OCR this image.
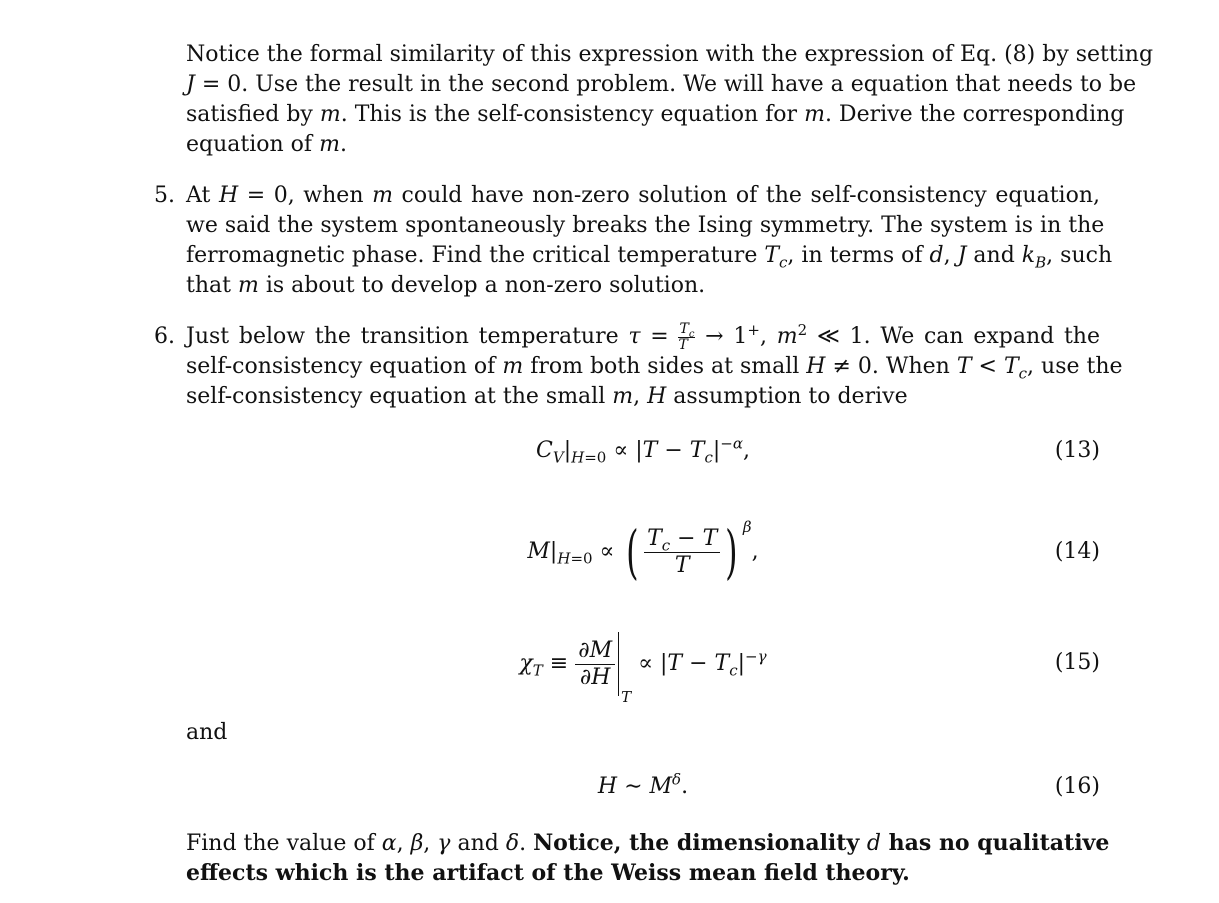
Notice the formal similarity of this expression with the expression of Eq. (8) by setting
J = 0. Use the result in the second problem. We will have a equation that needs to be
satisfied by m. This is the self-consistency equation for m. Derive the corresponding
equation of m.
5. At H = 0, when m could have non-zero solution of the self-consistency equation,
we said the system spontaneously breaks the Ising symmetry. The system is in the
ferromagnetic phase. Find the critical temperature $T_c$, in terms of d, J and $k_B$, such
that m is about to develop a non-zero solution.
6. Just below the transition temperature $\tau = \frac{T_c}{T} \to 1^+$, $m^2$ ≪ 1. We can expand the
self-consistency equation of m from both sides at small H ≠ 0. When $T < T_c$, use the
self-consistency equation at the small m, H assumption to derive
$C_V|_{H=0} \propto |T - T_c|^{-\alpha}$,	(13)
$M|_{H=0}$ ∝ ( $\frac{T_c - T}{T}$ ) $^\beta$,	(14)
$\chi_T \equiv \frac{\partial M}{\partial H}$
$_T \propto |T - T_c|^{-\gamma}$	(15)
and
H ∼ $M^\delta$.	(16)
Find the value of α, β, γ and δ. Notice, the dimensionality d has no qualitative
effects which is the artifact of the Weiss mean field theory.
